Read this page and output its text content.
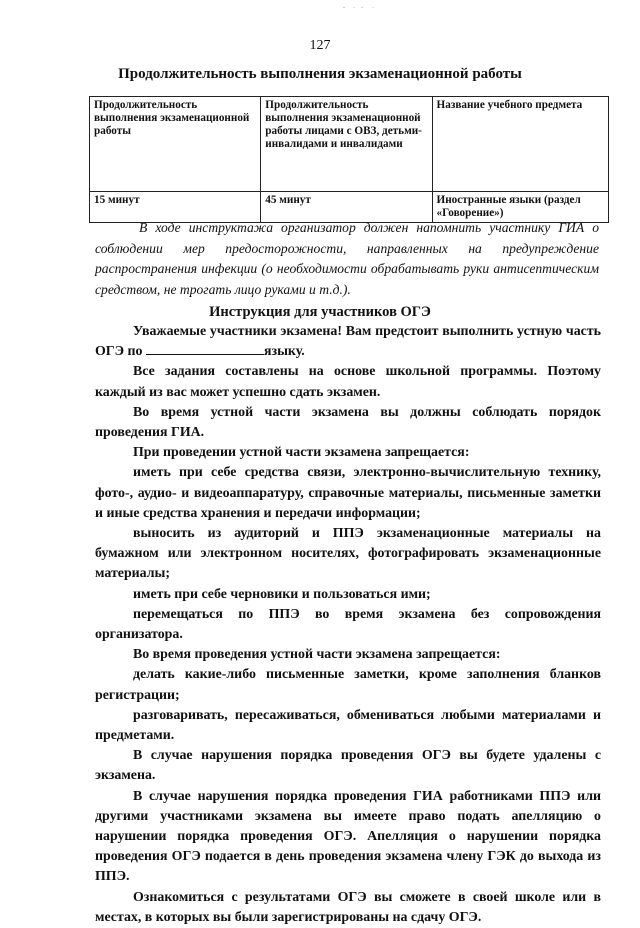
127
Продолжительность выполнения экзаменационной работы
Продолжительность выполнения экзаменационной работы	Продолжительность выполнения экзаменационной работы лицами с ОВЗ, детьми-инвалидами и инвалидами	Название учебного предмета
15 минут	45 минут	Иностранные языки (раздел «Говорение»)

В ходе инструктажа организатор должен напомнить участнику ГИА о соблюдении мер предосторожности, направленных на предупреждение распространения инфекции (о необходимости обрабатывать руки антисептическим средством, не трогать лицо руками и т.д.).

Инструкция для участников ОГЭ

Уважаемые участники экзамена! Вам предстоит выполнить устную часть ОГЭ по	языку.

Все задания составлены на основе школьной программы. Поэтому каждый из вас может успешно сдать экзамен.

Во время устной части экзамена вы должны соблюдать порядок проведения ГИА.

При проведении устной части экзамена запрещается:

иметь при себе средства связи, электронно-вычислительную технику, фото-, аудио- и видеоаппаратуру, справочные материалы, письменные заметки и иные средства хранения и передачи информации;

выносить из аудиторий и ППЭ экзаменационные материалы на бумажном или электронном носителях, фотографировать экзаменационные материалы;

иметь при себе черновики и пользоваться ими;

перемещаться по ППЭ во время экзамена без сопровождения организатора.

Во время проведения устной части экзамена запрещается:

делать какие-либо письменные заметки, кроме заполнения бланков регистрации;

разговаривать, пересаживаться, обмениваться любыми материалами и предметами.

В случае нарушения порядка проведения ОГЭ вы будете удалены с экзамена.

В случае нарушения порядка проведения ГИА работниками ППЭ или другими участниками экзамена вы имеете право подать апелляцию о нарушении порядка проведения ОГЭ. Апелляция о нарушении порядка проведения ОГЭ подается в день проведения экзамена члену ГЭК до выхода из ППЭ.

Ознакомиться с результатами ОГЭ вы сможете в своей школе или в местах, в которых вы были зарегистрированы на сдачу ОГЭ.
